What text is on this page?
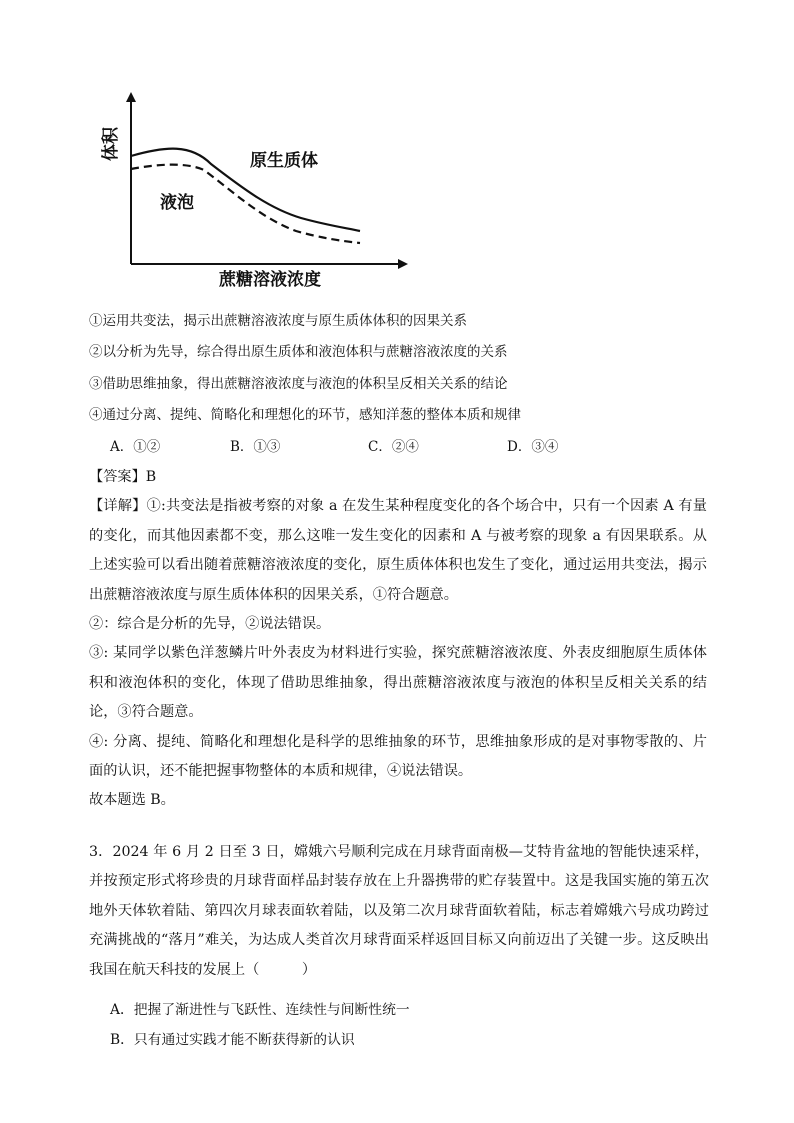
体积
蔗糖溶液浓度
原生质体
液泡
①运用共变法，揭示出蔗糖溶液浓度与原生质体体积的因果关系
②以分析为先导，综合得出原生质体和液泡体积与蔗糖溶液浓度的关系
③借助思维抽象，得出蔗糖溶液浓度与液泡的体积呈反相关关系的结论
④通过分离、提纯、简略化和理想化的环节，感知洋葱的整体本质和规律
A．①②	B．①③	C．②④	D．③④

【答案】B

【详解】①:共变法是指被考察的对象 a 在发生某种程度变化的各个场合中，只有一个因素 A 有量的变化，而其他因素都不变，那么这唯一发生变化的因素和 A 与被考察的现象 a 有因果联系。从上述实验可以看出随着蔗糖溶液浓度的变化，原生质体体积也发生了变化，通过运用共变法，揭示出蔗糖溶液浓度与原生质体体积的因果关系，①符合题意。

②：综合是分析的先导，②说法错误。

③: 某同学以紫色洋葱鳞片叶外表皮为材料进行实验，探究蔗糖溶液浓度、外表皮细胞原生质体体积和液泡体积的变化，体现了借助思维抽象，得出蔗糖溶液浓度与液泡的体积呈反相关关系的结论，③符合题意。

④: 分离、提纯、简略化和理想化是科学的思维抽象的环节，思维抽象形成的是对事物零散的、片面的认识，还不能把握事物整体的本质和规律，④说法错误。

故本题选 B。

3．2024 年 6 月 2 日至 3 日，嫦娥六号顺利完成在月球背面南极—艾特肯盆地的智能快速采样，并按预定形式将珍贵的月球背面样品封装存放在上升器携带的贮存装置中。这是我国实施的第五次地外天体软着陆、第四次月球表面软着陆，以及第二次月球背面软着陆，标志着嫦娥六号成功跨过充满挑战的“落月”难关，为达成人类首次月球背面采样返回目标又向前迈出了关键一步。这反映出我国在航天科技的发展上（　　　）

A．把握了渐进性与飞跃性、连续性与间断性统一
B．只有通过实践才能不断获得新的认识
